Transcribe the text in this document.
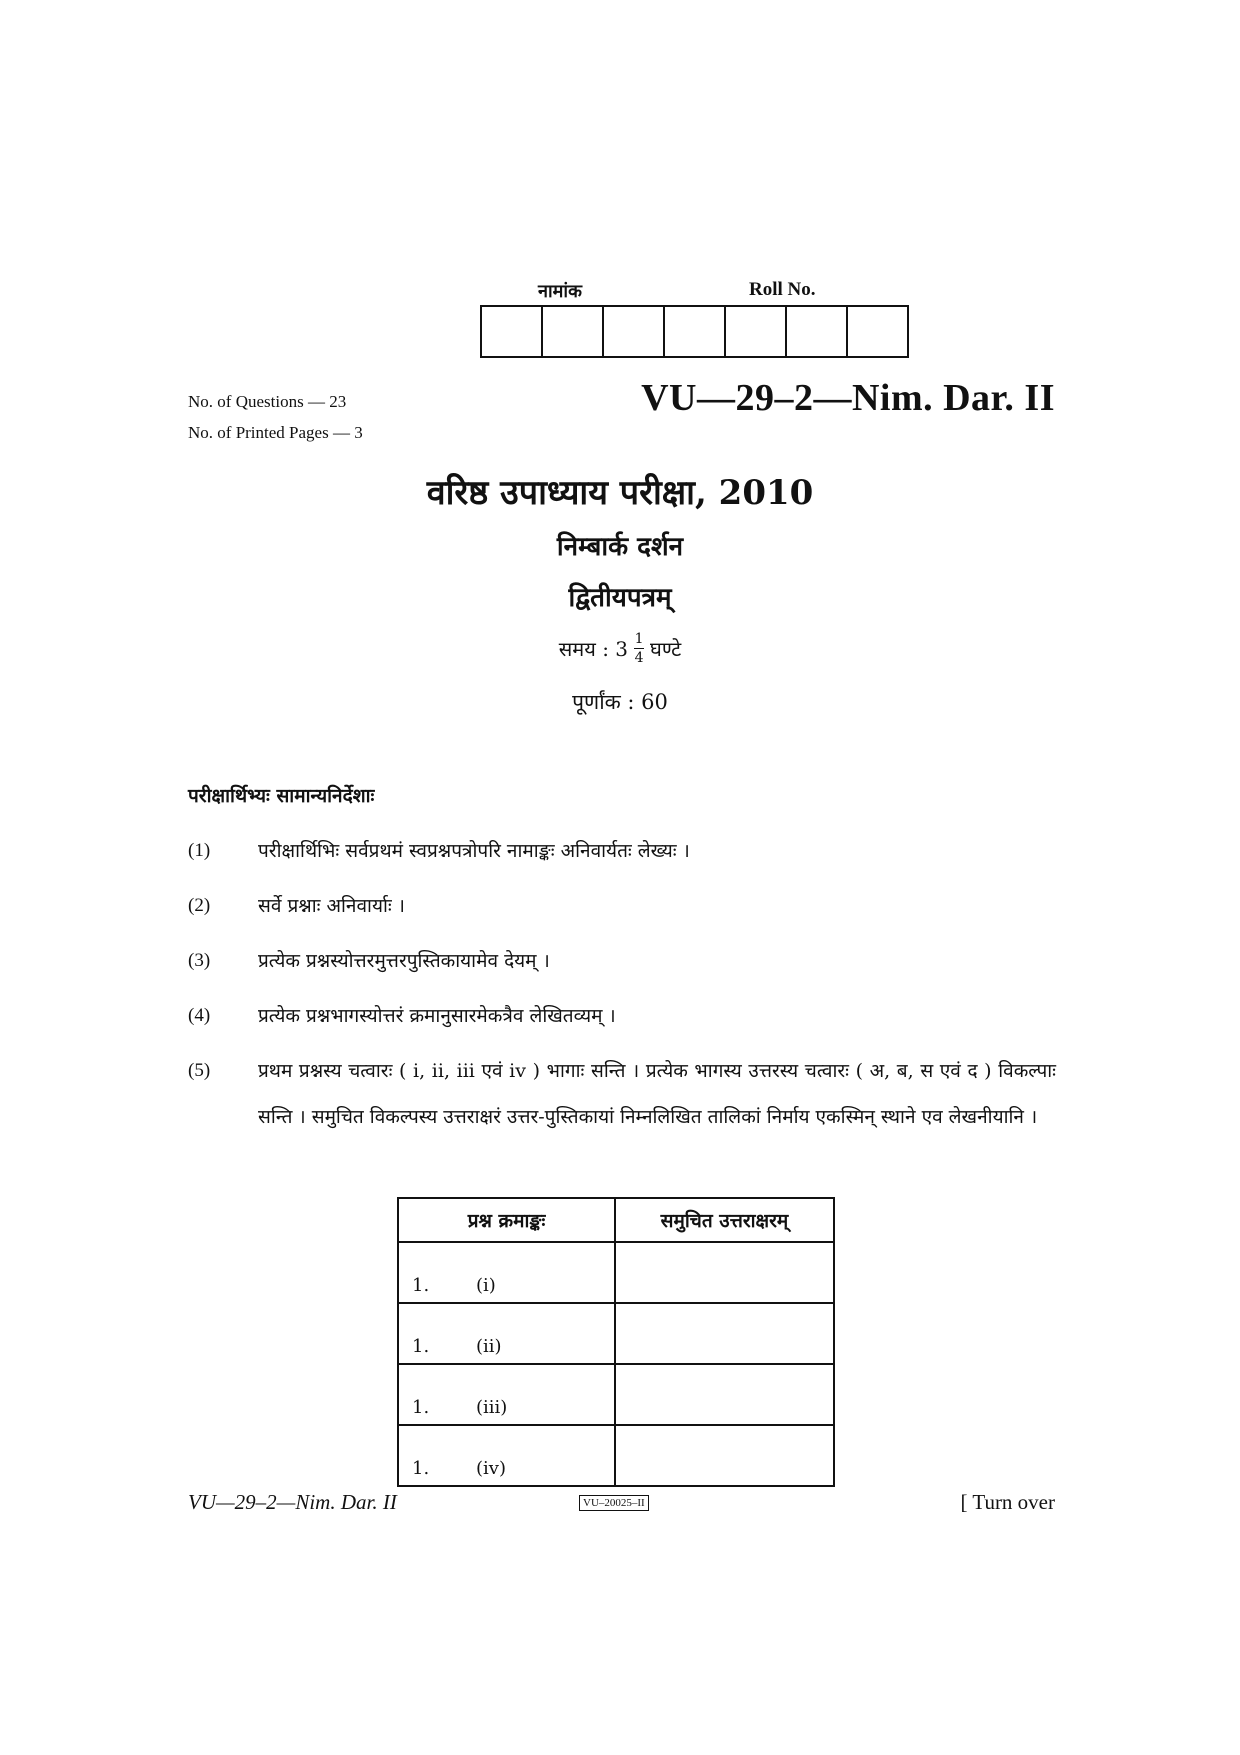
नामांक	Roll No.
No. of Questions — 23
No. of Printed Pages — 3
VU—29–2—Nim. Dar. II
वरिष्ठ उपाध्याय परीक्षा, 2010
निम्बार्क दर्शन
द्वितीयपत्रम्
समय : $3 \frac{1}{4}$ घण्टे
पूर्णांक : 60
परीक्षार्थिभ्यः सामान्यनिर्देशाः
(1)	परीक्षार्थिभिः सर्वप्रथमं स्वप्रश्नपत्रोपरि नामाङ्कः अनिवार्यतः लेख्यः ।
(2)	सर्वे प्रश्नाः अनिवार्याः ।
(3)	प्रत्येक प्रश्नस्योत्तरमुत्तरपुस्तिकायामेव देयम् ।
(4)	प्रत्येक प्रश्नभागस्योत्तरं क्रमानुसारमेकत्रैव लेखितव्यम् ।
(5)	प्रथम प्रश्नस्य चत्वारः ( i, ii, iii एवं iv ) भागाः सन्ति । प्रत्येक भागस्य उत्तरस्य चत्वारः ( अ, ब, स एवं द ) विकल्पाः सन्ति । समुचित विकल्पस्य उत्तराक्षरं उत्तर-पुस्तिकायां निम्नलिखित तालिकां निर्माय एकस्मिन् स्थाने एव लेखनीयानि ।
प्रश्न क्रमाङ्कः	समुचित उत्तराक्षरम्
1. (i)	
1. (ii)	
1. (iii)	
1. (iv)	
VU—29–2—Nim. Dar. II	VU–20025–II	[ Turn over
